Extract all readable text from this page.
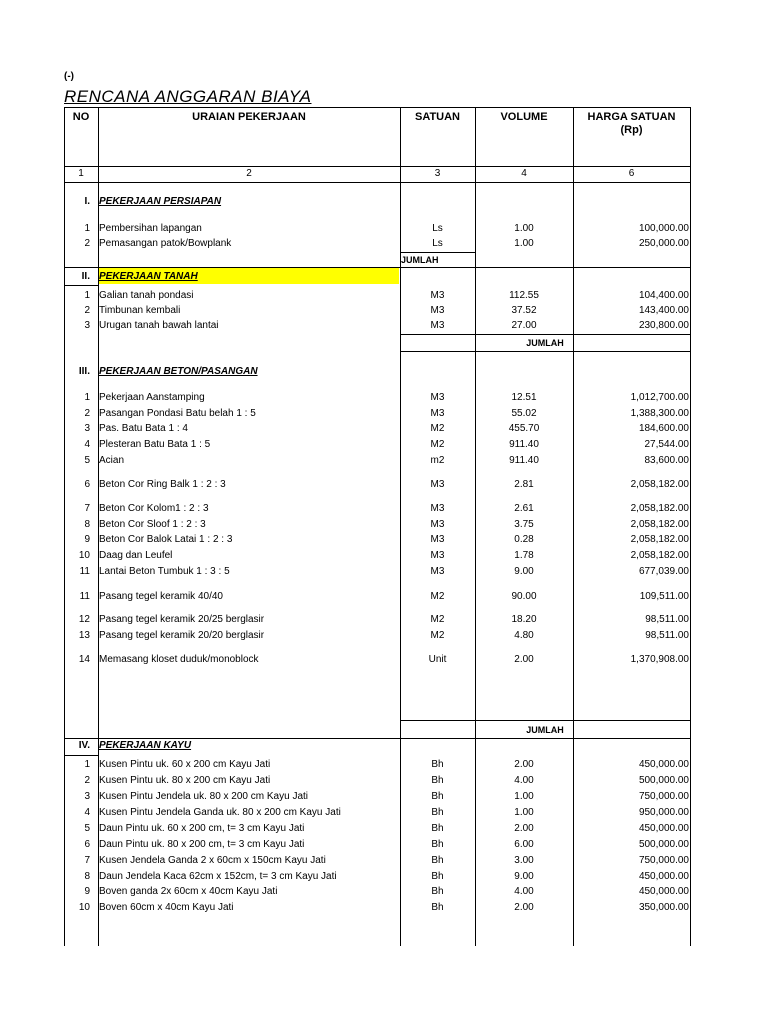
(-)
RENCANA ANGGARAN BIAYA
NO	URAIAN PEKERJAAN	SATUAN	VOLUME	HARGA SATUAN
(Rp)
1	2	3	4	6
I. PEKERJAAN PERSIAPAN
1 Pembersihan lapangan	Ls	1.00	100,000.00
2 Pemasangan patok/Bowplank	Ls	1.00	250,000.00
JUMLAH
II. PEKERJAAN TANAH
1 Galian tanah pondasi	M3	112.55	104,400.00
2 Timbunan kembali	M3	37.52	143,400.00
3 Urugan tanah bawah lantai	M3	27.00	230,800.00
JUMLAH
III. PEKERJAAN BETON/PASANGAN
1 Pekerjaan Aanstamping	M3	12.51	1,012,700.00
2 Pasangan Pondasi Batu belah 1 : 5	M3	55.02	1,388,300.00
3 Pas. Batu Bata 1 : 4	M2	455.70	184,600.00
4 Plesteran Batu Bata 1 : 5	M2	911.40	27,544.00
5 Acian	m2	911.40	83,600.00
6 Beton Cor Ring Balk 1 : 2 : 3	M3	2.81	2,058,182.00
7 Beton Cor Kolom1 : 2 : 3	M3	2.61	2,058,182.00
8 Beton Cor Sloof 1 : 2 : 3	M3	3.75	2,058,182.00
9 Beton Cor Balok Latai 1 : 2 : 3	M3	0.28	2,058,182.00
10 Daag dan Leufel	M3	1.78	2,058,182.00
11 Lantai Beton Tumbuk 1 : 3 : 5	M3	9.00	677,039.00
11 Pasang tegel keramik 40/40	M2	90.00	109,511.00
12 Pasang tegel keramik 20/25 berglasir	M2	18.20	98,511.00
13 Pasang tegel keramik 20/20 berglasir	M2	4.80	98,511.00
14 Memasang kloset duduk/monoblock	Unit	2.00	1,370,908.00
JUMLAH
IV. PEKERJAAN KAYU
1 Kusen Pintu uk. 60 x 200 cm Kayu Jati	Bh	2.00	450,000.00
2 Kusen Pintu uk. 80 x 200 cm Kayu Jati	Bh	4.00	500,000.00
3 Kusen Pintu Jendela uk. 80 x 200 cm Kayu Jati	Bh	1.00	750,000.00
4 Kusen Pintu Jendela Ganda uk. 80 x 200 cm Kayu Jati	Bh	1.00	950,000.00
5 Daun Pintu uk. 60 x 200 cm, t= 3 cm Kayu Jati	Bh	2.00	450,000.00
6 Daun Pintu uk. 80 x 200 cm, t= 3 cm Kayu Jati	Bh	6.00	500,000.00
7 Kusen Jendela Ganda 2 x 60cm x 150cm Kayu Jati	Bh	3.00	750,000.00
8 Daun Jendela Kaca 62cm x 152cm, t= 3 cm Kayu Jati	Bh	9.00	450,000.00
9 Boven ganda 2x 60cm x 40cm Kayu Jati	Bh	4.00	450,000.00
10 Boven 60cm x 40cm Kayu Jati	Bh	2.00	350,000.00
